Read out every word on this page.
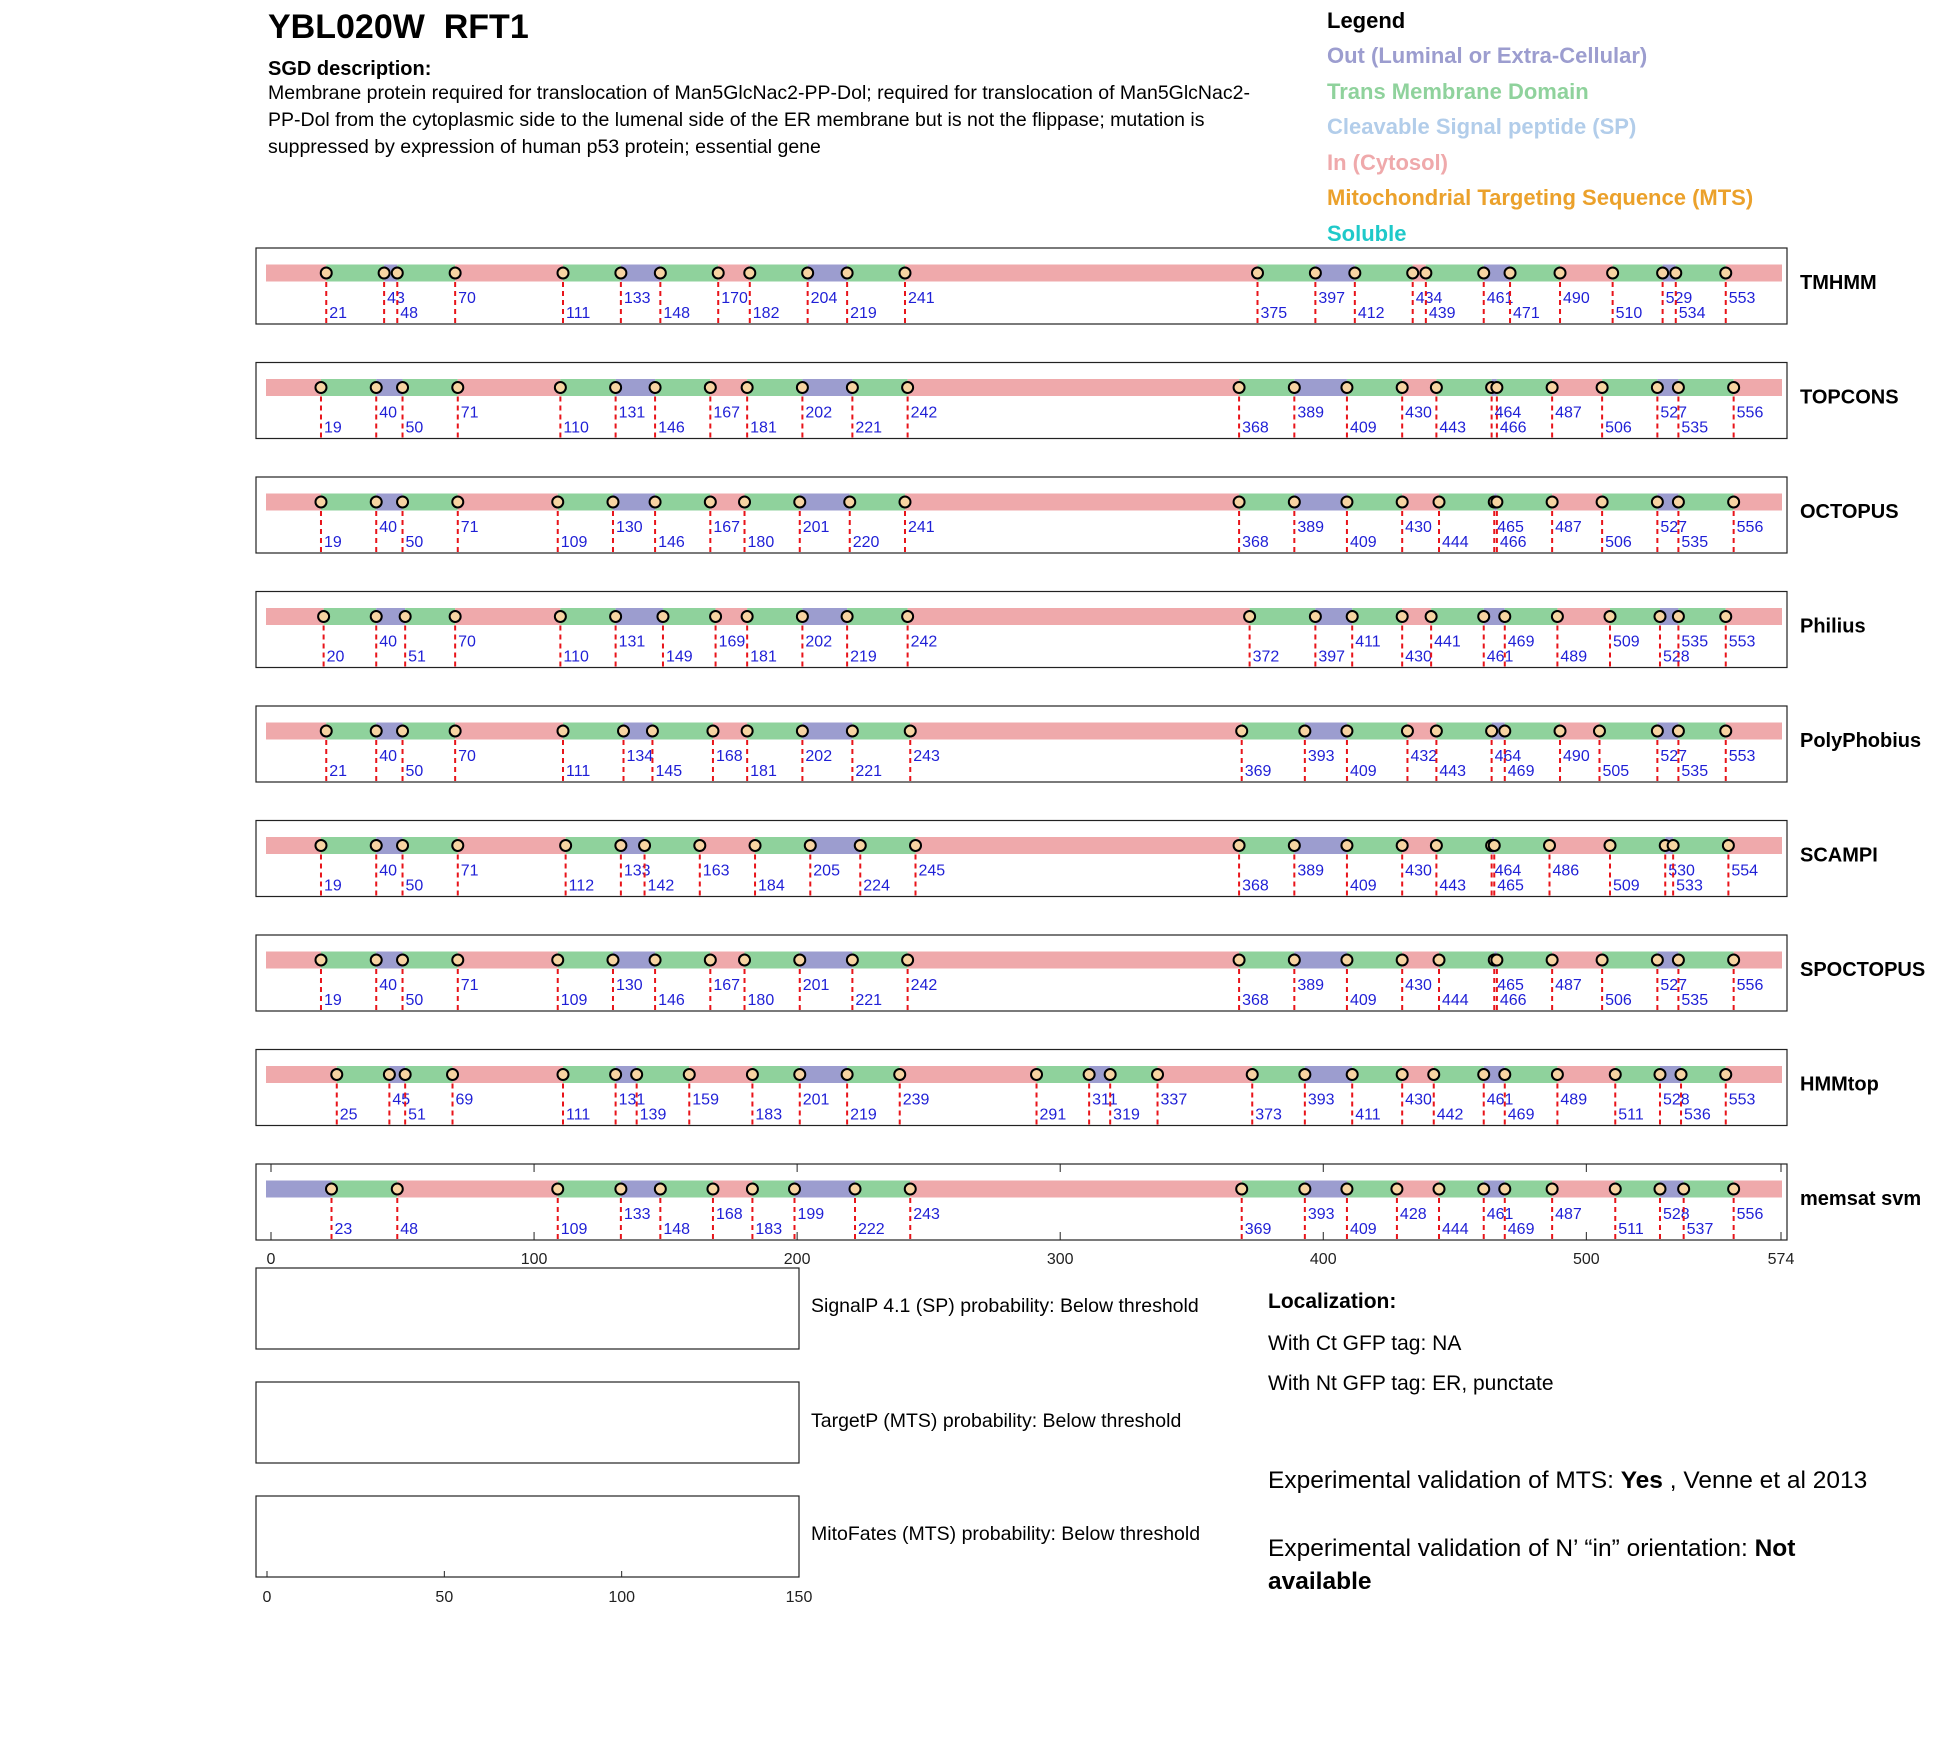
21
43
48
70
111
133
148
170
182
204
219
241
375
397
412
434
439
461
471
490
510
529
534
553
TMHMM
19
40
50
71
110
131
146
167
181
202
221
242
368
389
409
430
443
464
466
487
506
527
535
556
TOPCONS
19
40
50
71
109
130
146
167
180
201
220
241
368
389
409
430
444
465
466
487
506
527
535
556
OCTOPUS
20
40
51
70
110
131
149
169
181
202
219
242
372 397
411
430
441
461
469
489
509
528
535 553
Philius
21
40
50
70
111
134
145
168
181
202
221
243
369
393
409
432
443
464
469
490
505
527
535
553
PolyPhobius
19
40
50
71
112
133
142
163
184
205
224
245
368
389
409
430
443
464
465
486
509
530
533
554
SCAMPI
19
40
50
71
109
130
146
167
180
201
221
242
368
389
409
430
444
465
466
487
506
527
535
556
SPOCTOPUS
25
45
51
69
111
131
139
159
183
201
219
239
291
311
319
337
373
393
411
430
442
461
469
489
511
528
536
553
HMMtop
23	48	109
133
148
168
183
199
222
243
369
393
409
428
444
461
469
487
511
528
537
556
memsat svm
0	100	200	300	400	500	574
0	50	100	150
YBL020W RFT1
SGD description:
Membrane protein required for translocation of Man5GlcNac2-PP-Dol; required for translocation of Man5GlcNac2-PP-Dol from the cytoplasmic side to the lumenal side of the ER membrane but is not the flippase; mutation is suppressed by expression of human p53 protein; essential gene
Legend
Out (Luminal or Extra-Cellular)
Trans Membrane Domain
Cleavable Signal peptide (SP)
In (Cytosol)
Mitochondrial Targeting Sequence (MTS)
Soluble
SignalP 4.1 (SP) probability: Below threshold
TargetP (MTS) probability: Below threshold
MitoFates (MTS) probability: Below threshold
Localization:
With Ct GFP tag: NA
With Nt GFP tag: ER, punctate
Experimental validation of MTS: Yes , Venne et al 2013
Experimental validation of N’ “in” orientation: Not available
